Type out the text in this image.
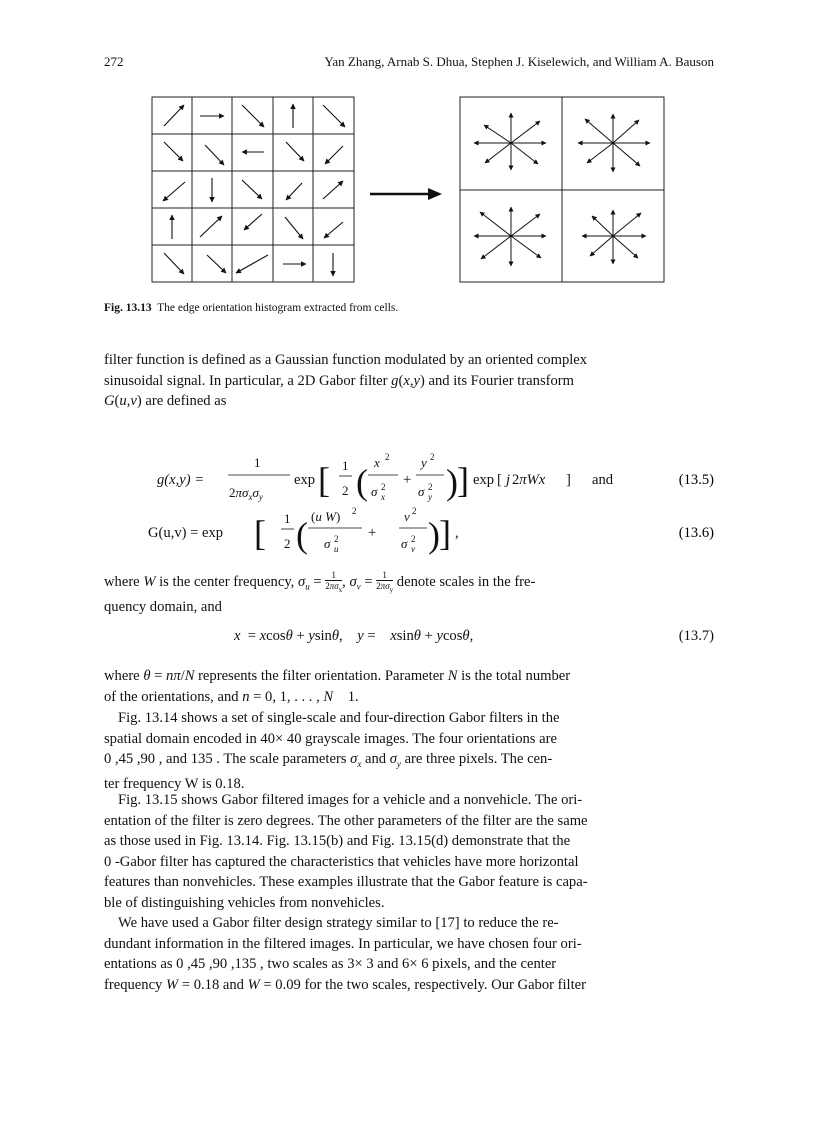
272	Yan Zhang, Arnab S. Dhua, Stephen J. Kiselewich, and William A. Bauson
Fig. 13.13 The edge orientation histogram extracted from cells.

filter function is defined as a Gaussian function modulated by an oriented complex

sinusoidal signal. In particular, a 2D Gabor filter g(x,y) and its Fourier transform

G(u,v) are defined as

g(x,y) =
1
$2\pi\sigma_x\sigma_y$
exp [ 1
2 ( x 2
σ 2
x
+
y 2
σ 2
y ) ] exp [ j 2πWx ] and	(13.5)
G(u,v) = exp [ 1
2 ( (u W) 2
σ 2
u
+
v 2
σ 2
v ) ] ,	(13.6)

where W is the center frequency, $\sigma_u = 1$
$2\pi\sigma_x$
, $\sigma_v = 1$
$2\pi\sigma_y$
denote scales in the fre-

quency domain, and

x  = xcosθ + ysinθ,    y =    xsinθ + ycosθ,	(13.7)

where θ = nπ/N represents the filter orientation. Parameter N is the total number

of the orientations, and n = 0, 1, . . . , N    1.

Fig. 13.14 shows a set of single-scale and four-direction Gabor filters in the

spatial domain encoded in 40× 40 grayscale images. The four orientations are

0 ,45 ,90 , and 135 . The scale parameters $\sigma_x$ and $\sigma_y$ are three pixels. The cen-

ter frequency W is 0.18.

Fig. 13.15 shows Gabor filtered images for a vehicle and a nonvehicle. The ori-

entation of the filter is zero degrees. The other parameters of the filter are the same

as those used in Fig. 13.14. Fig. 13.15(b) and Fig. 13.15(d) demonstrate that the

0 -Gabor filter has captured the characteristics that vehicles have more horizontal

features than nonvehicles. These examples illustrate that the Gabor feature is capa-

ble of distinguishing vehicles from nonvehicles.

We have used a Gabor filter design strategy similar to [17] to reduce the re-

dundant information in the filtered images. In particular, we have chosen four ori-

entations as 0 ,45 ,90 ,135 , two scales as 3× 3 and 6× 6 pixels, and the center

frequency W = 0.18 and W = 0.09 for the two scales, respectively. Our Gabor filter
